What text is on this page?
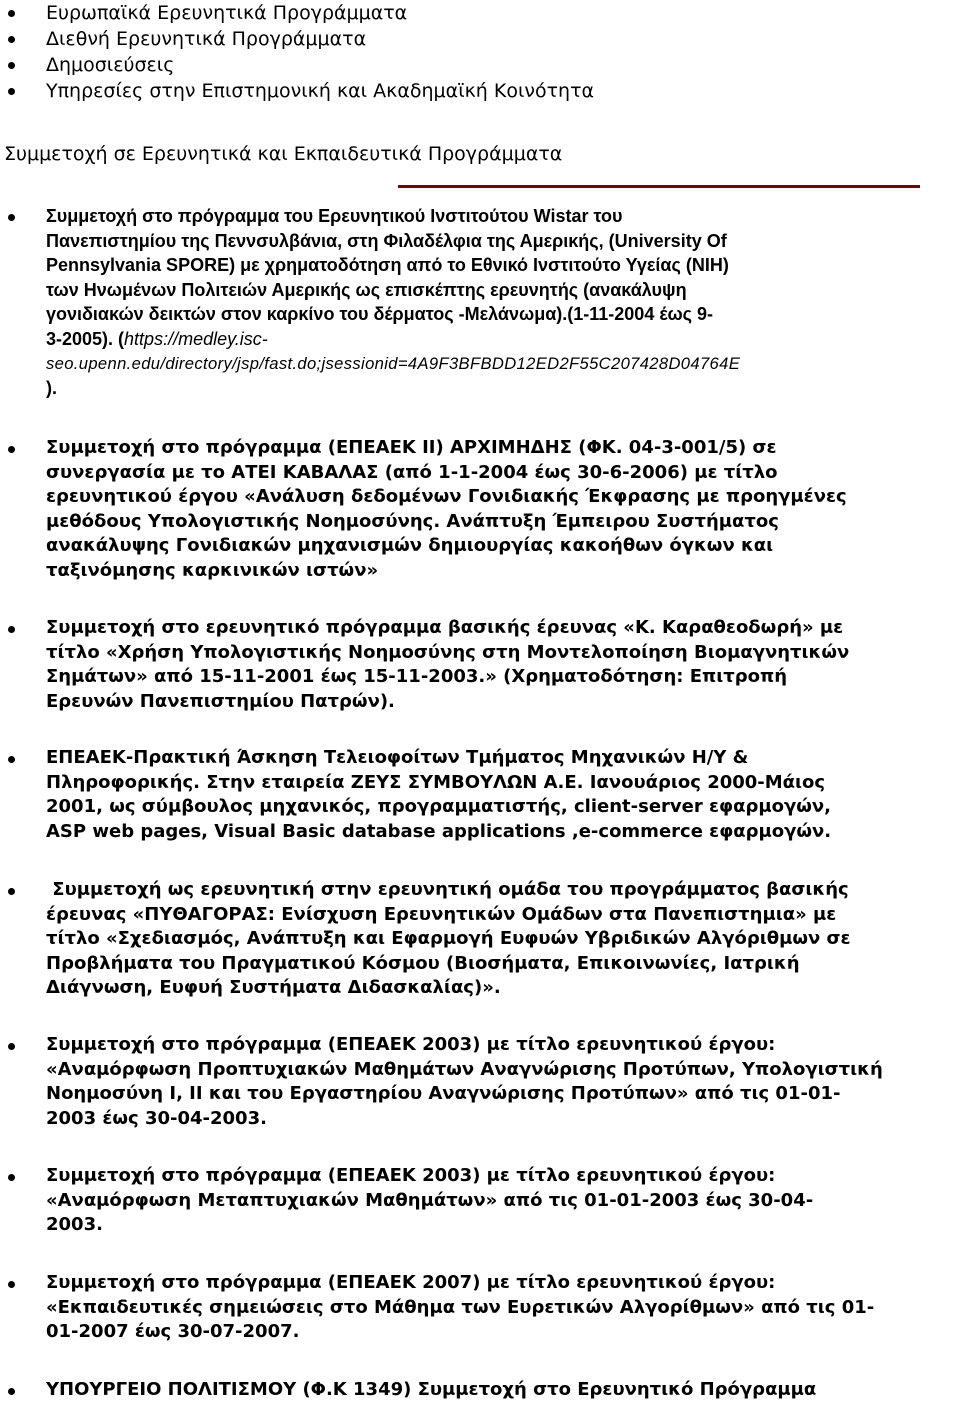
Ευρωπαϊκά Ερευνητικά Προγράμματα
Διεθνή Ερευνητικά Προγράμματα
Δημοσιεύσεις
Υπηρεσίες στην Επιστημονική και Ακαδημαϊκή Κοινότητα
Συμμετοχή σε Ερευνητικά και Εκπαιδευτικά Προγράμματα
Συμμετοχή στο πρόγραμμα του Ερευνητικού Ινστιτούτου Wistar του
Πανεπιστημίου της Πεννσυλβάνια, στη Φιλαδέλφια της Αμερικής, (University Of
Pennsylvania SPORE) με χρηματοδότηση από το Εθνικό Ινστιτούτο Υγείας (NIH)
των Ηνωμένων Πολιτειών Αμερικής ως επισκέπτης ερευνητής (ανακάλυψη
γονιδιακών δεικτών στον καρκίνο του δέρματος -Μελάνωμα).(1-11-2004 έως 9-
3-2005). (https://medley.isc-
seo.upenn.edu/directory/jsp/fast.do;jsessionid=4A9F3BFBDD12ED2F55C207428D04764E
).
Συμμετοχή στο πρόγραμμα (ΕΠΕΑΕΚ ΙΙ) ΑΡΧΙΜΗΔΗΣ (ΦΚ. 04-3-001/5) σε
συνεργασία με το ΑΤΕΙ ΚΑΒΑΛΑΣ (από 1-1-2004 έως 30-6-2006) με τίτλο
ερευνητικού έργου «Ανάλυση δεδομένων Γονιδιακής Έκφρασης με προηγμένες
μεθόδους Υπολογιστικής Νοημοσύνης. Ανάπτυξη Έμπειρου Συστήματος
ανακάλυψης Γονιδιακών μηχανισμών δημιουργίας κακοήθων όγκων και
ταξινόμησης καρκινικών ιστών»
Συμμετοχή στο ερευνητικό πρόγραμμα βασικής έρευνας «Κ. Καραθεοδωρή» με
τίτλο «Χρήση Υπολογιστικής Νοημοσύνης στη Μοντελοποίηση Βιομαγνητικών
Σημάτων» από 15-11-2001 έως 15-11-2003.» (Χρηματοδότηση: Επιτροπή
Ερευνών Πανεπιστημίου Πατρών).
ΕΠΕΑΕΚ-Πρακτική Άσκηση Τελειοφοίτων Τμήματος Μηχανικών Η/Υ &
Πληροφορικής. Στην εταιρεία ΖΕΥΣ ΣΥΜΒΟΥΛΩΝ Α.Ε. Ιανουάριος 2000-Μάιος
2001, ως σύμβουλος μηχανικός, προγραμματιστής, client-server εφαρμογών,
ASP web pages, Visual Basic database applications ,e-commerce εφαρμογών.
Συμμετοχή ως ερευνητική στην ερευνητική ομάδα του προγράμματος βασικής
έρευνας «ΠΥΘΑΓΟΡΑΣ: Ενίσχυση Ερευνητικών Ομάδων στα Πανεπιστημια» με
τίτλο «Σχεδιασμός, Ανάπτυξη και Εφαρμογή Ευφυών Υβριδικών Αλγόριθμων σε
Προβλήματα του Πραγματικού Κόσμου (Βιοσήματα, Επικοινωνίες, Ιατρική
Διάγνωση, Ευφυή Συστήματα Διδασκαλίας)».
Συμμετοχή στο πρόγραμμα (ΕΠΕΑΕΚ 2003) με τίτλο ερευνητικού έργου:
«Αναμόρφωση Προπτυχιακών Μαθημάτων Αναγνώρισης Προτύπων, Υπολογιστική
Νοημοσύνη Ι, ΙΙ και του Εργαστηρίου Αναγνώρισης Προτύπων» από τις 01-01-
2003 έως 30-04-2003.
Συμμετοχή στο πρόγραμμα (ΕΠΕΑΕΚ 2003) με τίτλο ερευνητικού έργου:
«Αναμόρφωση Μεταπτυχιακών Μαθημάτων» από τις 01-01-2003 έως 30-04-
2003.
Συμμετοχή στο πρόγραμμα (ΕΠΕΑΕΚ 2007) με τίτλο ερευνητικού έργου:
«Εκπαιδευτικές σημειώσεις στο Μάθημα των Ευρετικών Αλγορίθμων» από τις 01-
01-2007 έως 30-07-2007.
ΥΠΟΥΡΓΕΙΟ ΠΟΛΙΤΙΣΜΟΥ (Φ.Κ 1349) Συμμετοχή στο Ερευνητικό Πρόγραμμα
